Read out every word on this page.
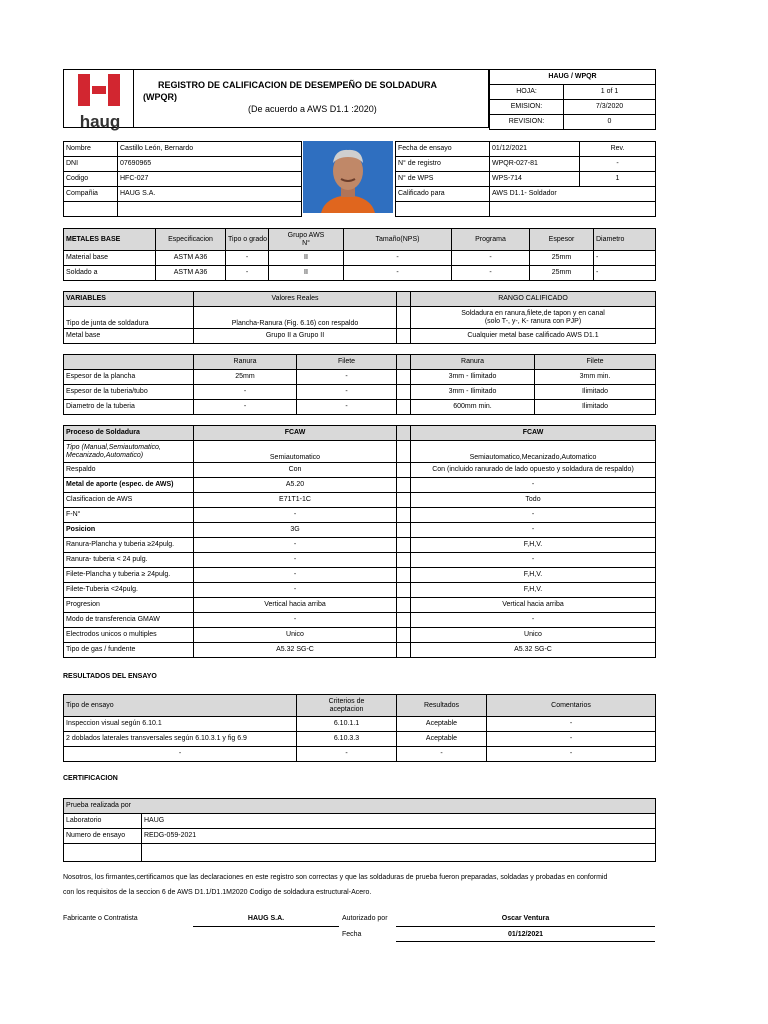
haug
REGISTRO DE CALIFICACION DE DESEMPEÑO DE SOLDADURA
(WPQR)
(De acuerdo a AWS D1.1 :2020)
HAUG / WPQR	
HOJA:	1 of 1
EMISION:	7/3/2020
REVISION:	0
Nombre	Castillo León, Bernardo
DNI	07690965
Codigo	HFC-027
Compañia	HAUG S.A.

Fecha de ensayo	01/12/2021	Rev.
N° de registro	WPQR-027-81	-
N° de WPS	WPS-714	1
Calificado para	AWS D1.1- Soldador	

METALES BASE	Especificacion	Tipo o grado	Grupo AWS
N°	Tamaño(NPS)	Programa	Espesor	Diametro
Material base	ASTM A36	-	II	-	-	25mm	-
Soldado a	ASTM A36	-	II	-	-	25mm	-
VARIABLES	Valores Reales		RANGO CALIFICADO
Tipo de junta de soldadura	Plancha-Ranura (Fig. 6.16) con respaldo		Soldadura en ranura,filete,de tapon y en canal
(solo T-, y-, K- ranura con PJP)
Metal base	Grupo II a Grupo II		Cualquier metal base calificado AWS D1.1
	Ranura	Filete		Ranura	Filete
Espesor de la plancha	25mm	-		3mm - Ilimitado	3mm min.
Espesor de la tuberia/tubo	-	-		3mm - Ilimitado	Ilimitado
Diametro de la tuberia	-	-		600mm min.	Ilimitado
Proceso de Soldadura	FCAW		FCAW
Tipo (Manual,Semiautomatico,
Mecanizado,Automatico)	Semiautomatico		Semiautomatico,Mecanizado,Automatico
Respaldo	Con		Con (incluido ranurado de lado opuesto y soldadura de respaldo)
Metal de aporte (espec. de AWS)	A5.20		-
Clasificacion de AWS	E71T1-1C		Todo
F-N°	-		-
Posicion	3G		-
Ranura-Plancha y tuberia ≥24pulg.	-		F,H,V.
Ranura- tuberia < 24 pulg.	-		-
Filete-Plancha y tuberia ≥ 24pulg.	-		F,H,V.
Filete-Tuberia <24pulg.	-		F,H,V.
Progresion	Vertical hacia arriba		Vertical hacia arriba
Modo de transferencia GMAW	-		-
Electrodos unicos o multiples	Unico		Unico
Tipo de gas / fundente	A5.32 SG-C		A5.32 SG-C
RESULTADOS DEL ENSAYO
Tipo de ensayo	Criterios de
aceptacion	Resultados	Comentarios
Inspeccion visual según 6.10.1	6.10.1.1	Aceptable	-
2 doblados laterales transversales según 6.10.3.1 y fig 6.9	6.10.3.3	Aceptable	-
-	-	-	-
CERTIFICACION
Prueba realizada por	
Laboratorio	HAUG
Numero de ensayo	REDG-059-2021

Nosotros, los firmantes,certificamos que las declaraciones en este registro son correctas y que las soldaduras de prueba fueron preparadas, soldadas y probadas en conformid
con los requisitos de la seccion 6 de AWS D1.1/D1.1M2020 Codigo de soldadura estructural-Acero.
Fabricante o Contratista	HAUG S.A.	Autorizado por	Oscar Ventura
Fecha	01/12/2021
